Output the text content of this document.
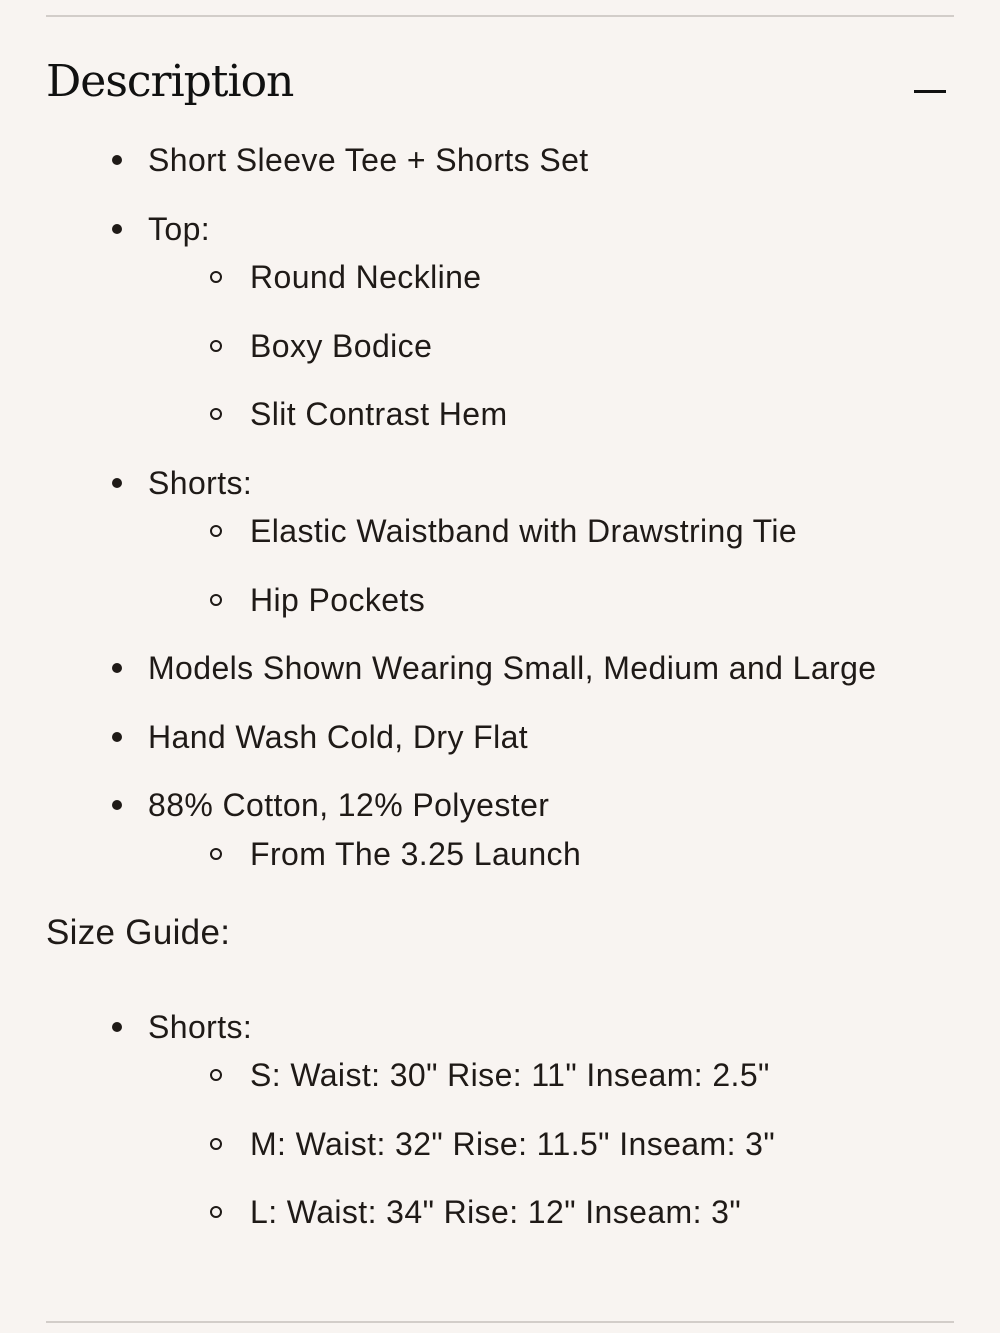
Description
Short Sleeve Tee + Shorts Set
Top:
Round Neckline
Boxy Bodice
Slit Contrast Hem
Shorts:
Elastic Waistband with Drawstring Tie
Hip Pockets
Models Shown Wearing Small, Medium and Large
Hand Wash Cold, Dry Flat
88% Cotton, 12% Polyester
From The 3.25 Launch
Size Guide:
Shorts:
S: Waist: 30" Rise: 11" Inseam: 2.5"
M: Waist: 32" Rise: 11.5" Inseam: 3"
L: Waist: 34" Rise: 12" Inseam: 3"
